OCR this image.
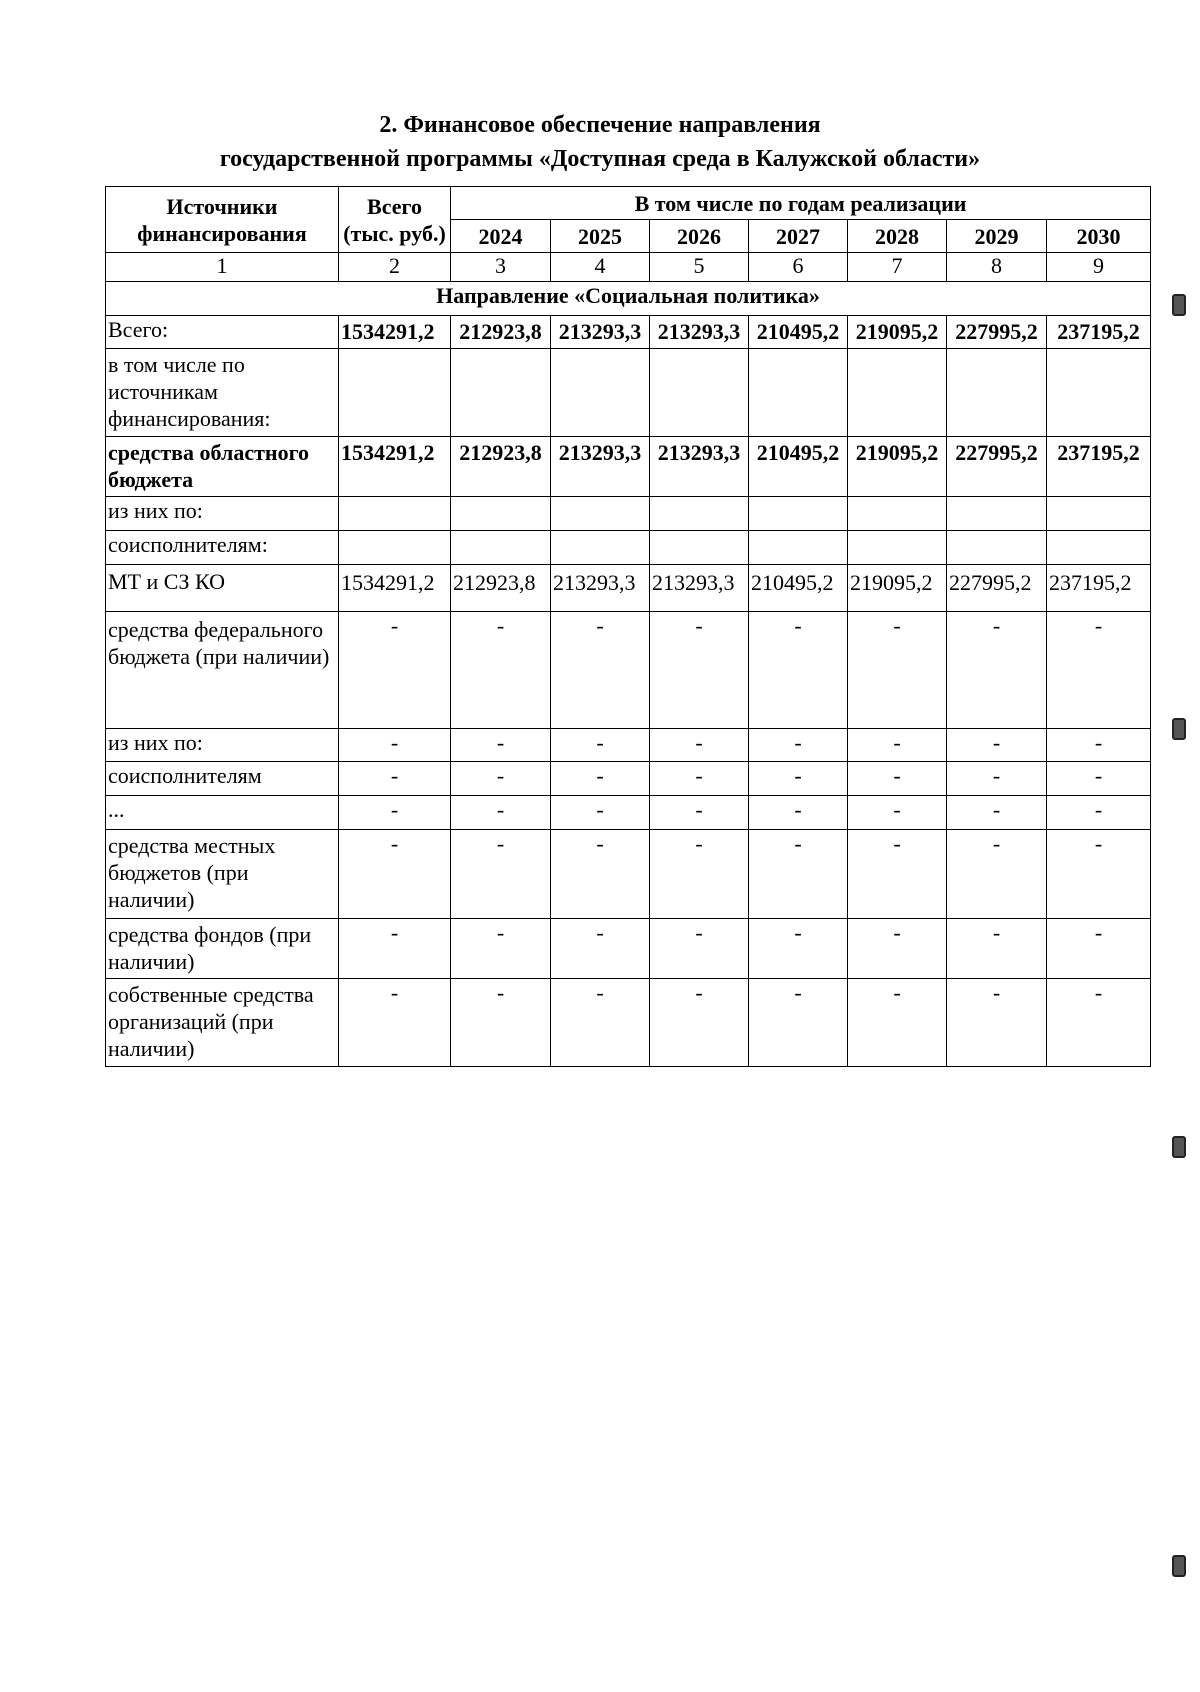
2. Финансовое обеспечение направления
государственной программы «Доступная среда в Калужской области»
Источники финансирования	Всего (тыс. руб.)	В том числе по годам реализации						
		2024	2025	2026	2027	2028	2029	2030
1	2	3	4	5	6	7	8	9
Направление «Социальная политика»								
Всего:	1534291,2	212923,8	213293,3	213293,3	210495,2	219095,2	227995,2	237195,2
в том числе по источникам финансирования:								
средства областного бюджета	1534291,2	212923,8	213293,3	213293,3	210495,2	219095,2	227995,2	237195,2
из них по:								
соисполнителям:								
МТ и СЗ КО	1534291,2	212923,8	213293,3	213293,3	210495,2	219095,2	227995,2	237195,2
средства федерального бюджета (при наличии)	-	-	-	-	-	-	-	-
из них по:	-	-	-	-	-	-	-	-
соисполнителям	-	-	-	-	-	-	-	-
...	-	-	-	-	-	-	-	-
средства местных бюджетов (при наличии)	-	-	-	-	-	-	-	-
средства фондов (при наличии)	-	-	-	-	-	-	-	-
собственные средства организаций (при наличии)	-	-	-	-	-	-	-	-
